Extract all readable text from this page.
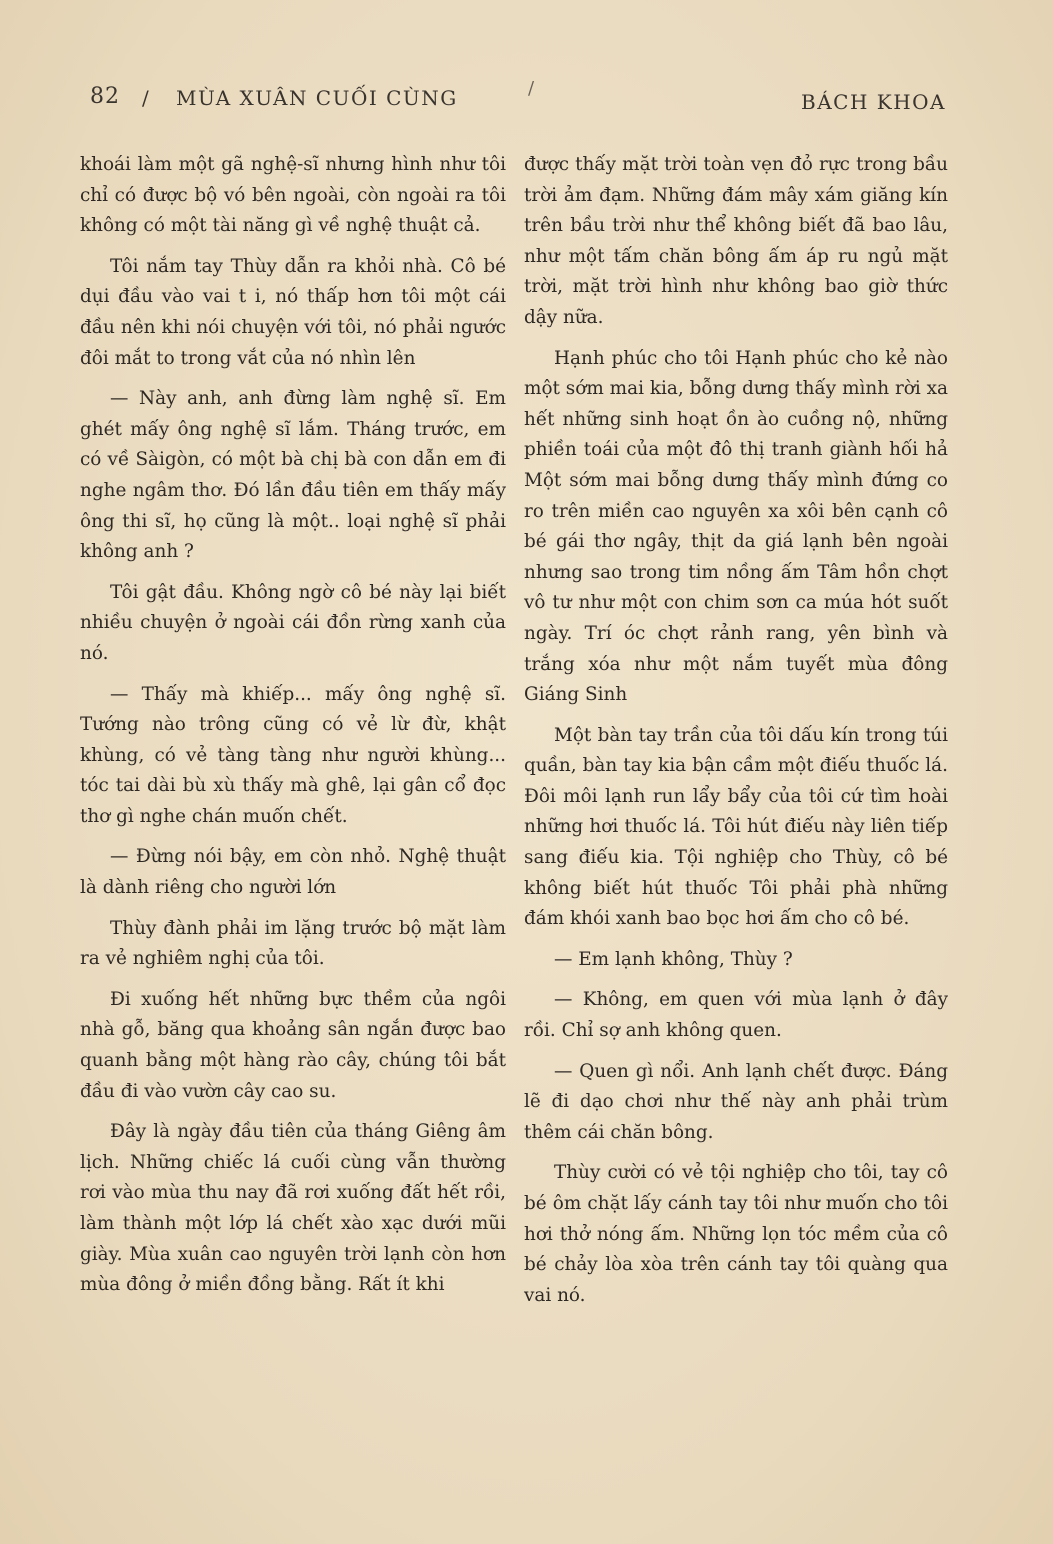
82 / MÙA XUÂN CUỐI CÙNG	/
BÁCH KHOA

khoái làm một gã nghệ-sĩ nhưng hình như tôi chỉ có được bộ vó bên ngoài, còn ngoài ra tôi không có một tài năng gì về nghệ thuật cả.

Tôi nắm tay Thùy dẫn ra khỏi nhà. Cô bé dụi đầu vào vai t i, nó thấp hơn tôi một cái đầu nên khi nói chuyện với tôi, nó phải ngước đôi mắt to trong vắt của nó nhìn lên

— Này anh, anh đừng làm nghệ sĩ. Em ghét mấy ông nghệ sĩ lắm. Tháng trước, em có về Sàigòn, có một bà chị bà con dẫn em đi nghe ngâm thơ. Đó lần đầu tiên em thấy mấy ông thi sĩ, họ cũng là một.. loại nghệ sĩ phải không anh ?

Tôi gật đầu. Không ngờ cô bé này lại biết nhiều chuyện ở ngoài cái đồn rừng xanh của nó.

— Thấy mà khiếp... mấy ông nghệ sĩ. Tướng nào trông cũng có vẻ lừ đừ, khật khùng, có vẻ tàng tàng như người khùng... tóc tai dài bù xù thấy mà ghê, lại gân cổ đọc thơ gì nghe chán muốn chết.

— Đừng nói bậy, em còn nhỏ. Nghệ thuật là dành riêng cho người lớn

Thùy đành phải im lặng trước bộ mặt làm ra vẻ nghiêm nghị của tôi.

Đi xuống hết những bực thềm của ngôi nhà gỗ, băng qua khoảng sân ngắn được bao quanh bằng một hàng rào cây, chúng tôi bắt đầu đi vào vườn cây cao su.

Đây là ngày đầu tiên của tháng Giêng âm lịch. Những chiếc lá cuối cùng vẫn thường rơi vào mùa thu nay đã rơi xuống đất hết rồi, làm thành một lớp lá chết xào xạc dưới mũi giày. Mùa xuân cao nguyên trời lạnh còn hơn mùa đông ở miền đồng bằng. Rất ít khi

được thấy mặt trời toàn vẹn đỏ rực trong bầu trời ảm đạm. Những đám mây xám giăng kín trên bầu trời như thể không biết đã bao lâu, như một tấm chăn bông ấm áp ru ngủ mặt trời, mặt trời hình như không bao giờ thức dậy nữa.

Hạnh phúc cho tôi Hạnh phúc cho kẻ nào một sớm mai kia, bỗng dưng thấy mình rời xa hết những sinh hoạt ồn ào cuồng nộ, những phiền toái của một đô thị tranh giành hối hả Một sớm mai bỗng dưng thấy mình đứng co ro trên miền cao nguyên xa xôi bên cạnh cô bé gái thơ ngây, thịt da giá lạnh bên ngoài nhưng sao trong tim nồng ấm Tâm hồn chợt vô tư như một con chim sơn ca múa hót suốt ngày. Trí óc chợt rảnh rang, yên bình và trắng xóa như một nắm tuyết mùa đông Giáng Sinh

Một bàn tay trần của tôi dấu kín trong túi quần, bàn tay kia bận cầm một điếu thuốc lá. Đôi môi lạnh run lẩy bẩy của tôi cứ tìm hoài những hơi thuốc lá. Tôi hút điếu này liên tiếp sang điếu kia. Tội nghiệp cho Thùy, cô bé không biết hút thuốc Tôi phải phà những đám khói xanh bao bọc hơi ấm cho cô bé.

— Em lạnh không, Thùy ?

— Không, em quen với mùa lạnh ở đây rồi. Chỉ sợ anh không quen.

— Quen gì nổi. Anh lạnh chết được. Đáng lẽ đi dạo chơi như thế này anh phải trùm thêm cái chăn bông.

Thùy cười có vẻ tội nghiệp cho tôi, tay cô bé ôm chặt lấy cánh tay tôi như muốn cho tôi hơi thở nóng ấm. Những lọn tóc mềm của cô bé chảy lòa xòa trên cánh tay tôi quàng qua vai nó.
